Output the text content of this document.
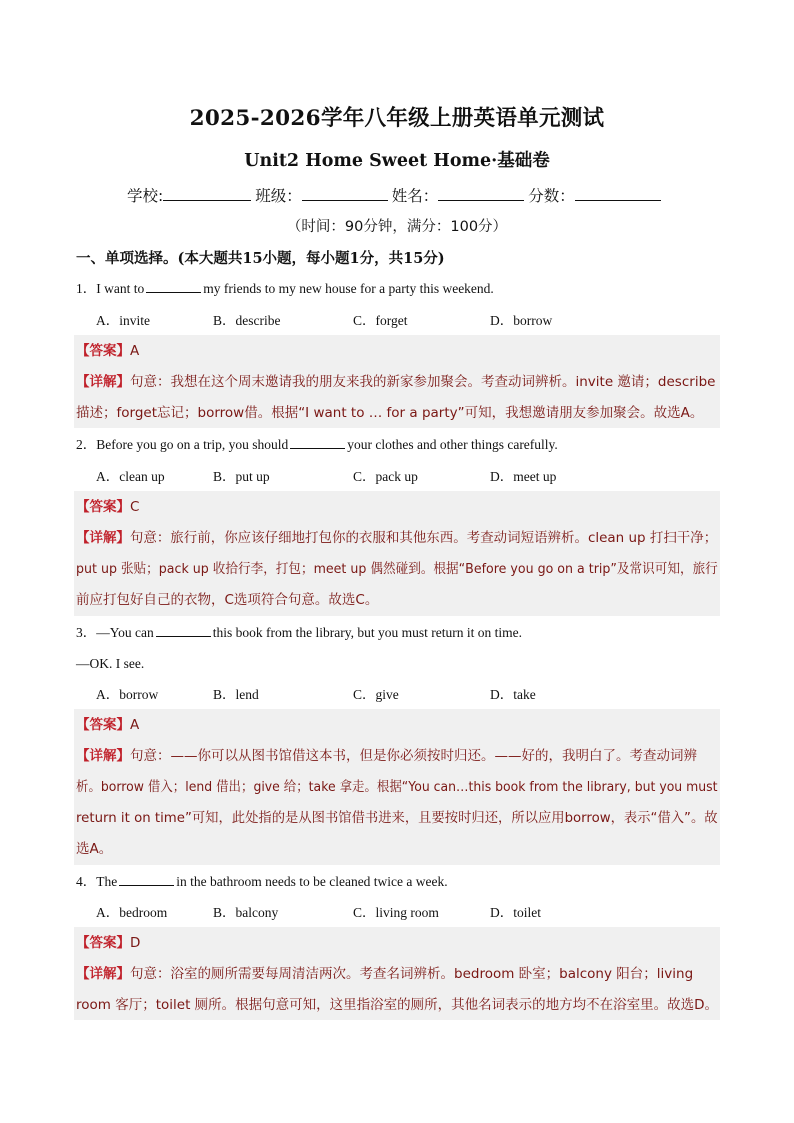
2025-2026学年八年级上册英语单元测试
Unit2 Home Sweet Home·基础卷
学校:	班级：	姓名：	分数：
（时间：90分钟，满分：100分）
一、单项选择。(本大题共15小题，每小题1分，共15分)
1．I want to	my friends to my new house for a party this weekend.
A．invite	B．describe	C．forget	D．borrow
【答案】A
【详解】句意：我想在这个周末邀请我的朋友来我的新家参加聚会。考查动词辨析。invite 邀请；describe
描述；forget忘记；borrow借。根据“I want to … for a party”可知，我想邀请朋友参加聚会。故选A。
2．Before you go on a trip, you should	your clothes and other things carefully.
A．clean up	B．put up	C．pack up	D．meet up
【答案】C
【详解】句意：旅行前，你应该仔细地打包你的衣服和其他东西。考查动词短语辨析。clean up 打扫干净；
put up 张贴；pack up 收拾行李，打包；meet up 偶然碰到。根据“Before you go on a trip”及常识可知，旅行
前应打包好自己的衣物，C选项符合句意。故选C。
3．—You can	this book from the library, but you must return it on time.
—OK. I see.
A．borrow	B．lend	C．give	D．take
【答案】A
【详解】句意：——你可以从图书馆借这本书，但是你必须按时归还。——好的，我明白了。考查动词辨
析。borrow 借入；lend 借出；give 给；take 拿走。根据“You can…this book from the library, but you must
return it on time”可知，此处指的是从图书馆借书进来，且要按时归还，所以应用borrow，表示“借入”。故
选A。
4．The	in the bathroom needs to be cleaned twice a week.
A．bedroom	B．balcony	C．living room	D．toilet
【答案】D
【详解】句意：浴室的厕所需要每周清洁两次。考查名词辨析。bedroom 卧室；balcony 阳台；living
room 客厅；toilet 厕所。根据句意可知，这里指浴室的厕所，其他名词表示的地方均不在浴室里。故选D。
